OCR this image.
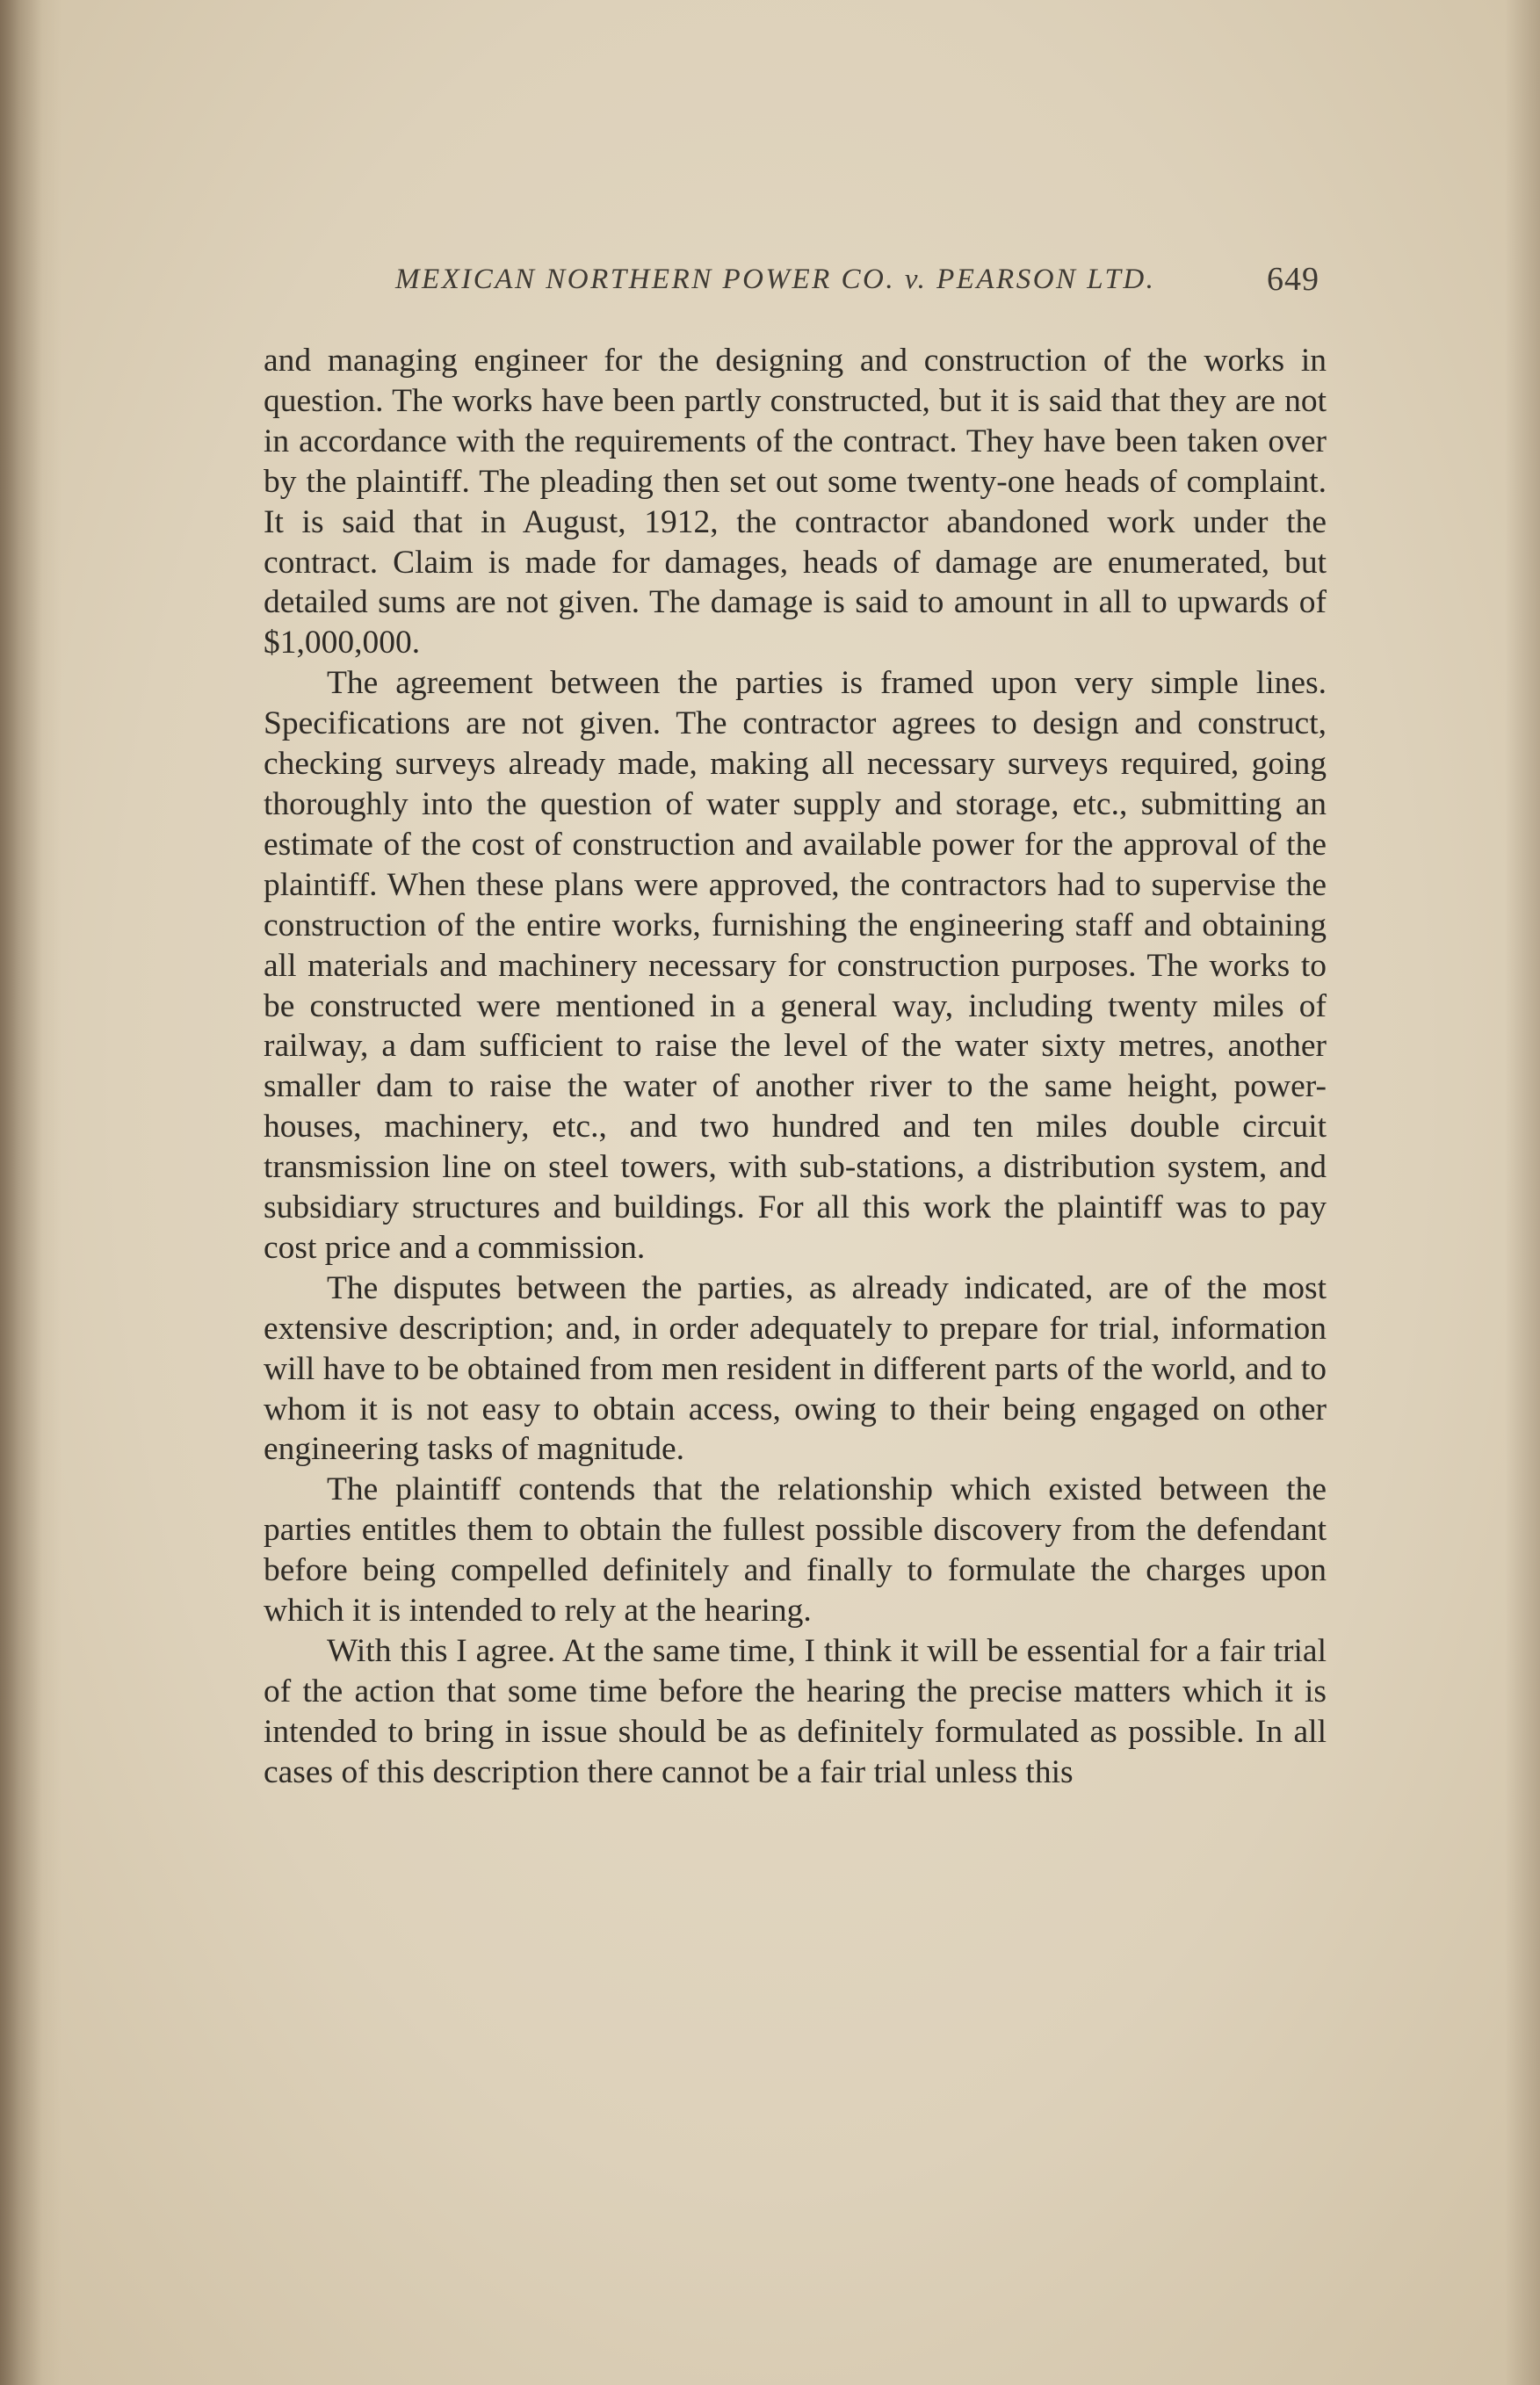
MEXICAN NORTHERN POWER CO. v. PEARSON LTD.	649

and managing engineer for the designing and construction of the works in question. The works have been partly constructed, but it is said that they are not in accordance with the requirements of the contract. They have been taken over by the plaintiff. The pleading then set out some twenty-one heads of complaint. It is said that in August, 1912, the contractor abandoned work under the contract. Claim is made for damages, heads of damage are enumerated, but detailed sums are not given. The damage is said to amount in all to upwards of $1,000,000.

The agreement between the parties is framed upon very simple lines. Specifications are not given. The contractor agrees to design and construct, checking surveys already made, making all necessary surveys required, going thoroughly into the question of water supply and storage, etc., submitting an estimate of the cost of construction and available power for the approval of the plaintiff. When these plans were approved, the contractors had to supervise the construction of the entire works, furnishing the engineering staff and obtaining all materials and machinery necessary for construction purposes. The works to be constructed were mentioned in a general way, including twenty miles of railway, a dam sufficient to raise the level of the water sixty metres, another smaller dam to raise the water of another river to the same height, power-houses, machinery, etc., and two hundred and ten miles double circuit transmission line on steel towers, with sub-stations, a distribution system, and subsidiary structures and buildings. For all this work the plaintiff was to pay cost price and a commission.

The disputes between the parties, as already indicated, are of the most extensive description; and, in order adequately to prepare for trial, information will have to be obtained from men resident in different parts of the world, and to whom it is not easy to obtain access, owing to their being engaged on other engineering tasks of magnitude.

The plaintiff contends that the relationship which existed between the parties entitles them to obtain the fullest possible discovery from the defendant before being compelled definitely and finally to formulate the charges upon which it is intended to rely at the hearing.

With this I agree. At the same time, I think it will be essential for a fair trial of the action that some time before the hearing the precise matters which it is intended to bring in issue should be as definitely formulated as possible. In all cases of this description there cannot be a fair trial unless this
